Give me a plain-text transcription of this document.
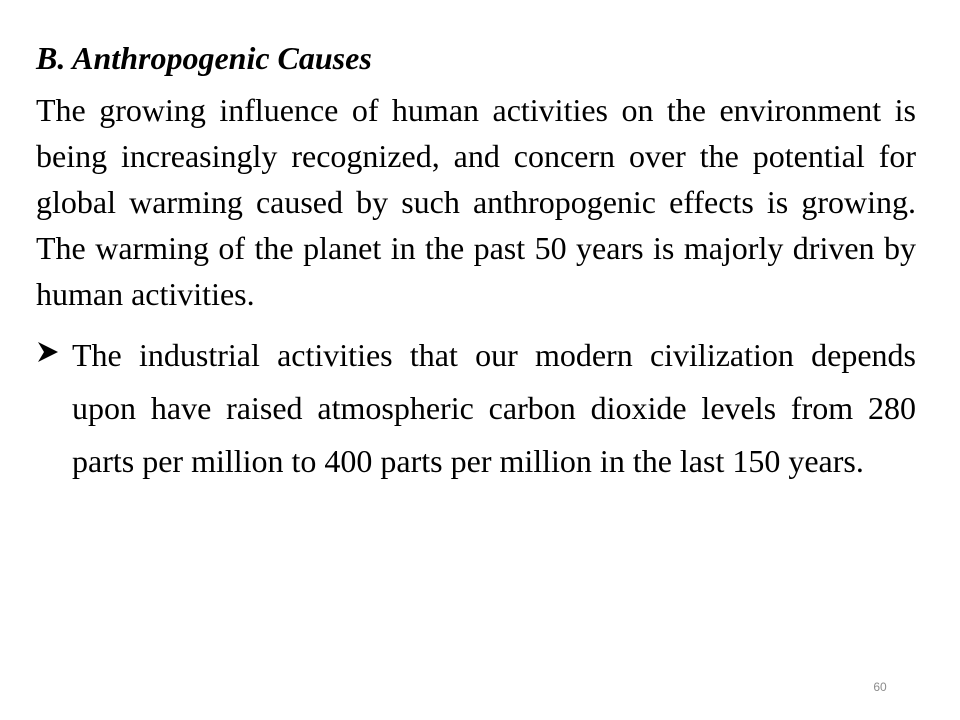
B. Anthropogenic Causes
The growing influence of human activities on the environment is being increasingly recognized, and concern over the potential for global warming caused by such anthropogenic effects is growing. The warming of the planet in the past 50 years is majorly driven by human activities.
The industrial activities that our modern civilization depends upon have raised atmospheric carbon dioxide levels from 280 parts per million to 400 parts per million in the last 150 years.
60
